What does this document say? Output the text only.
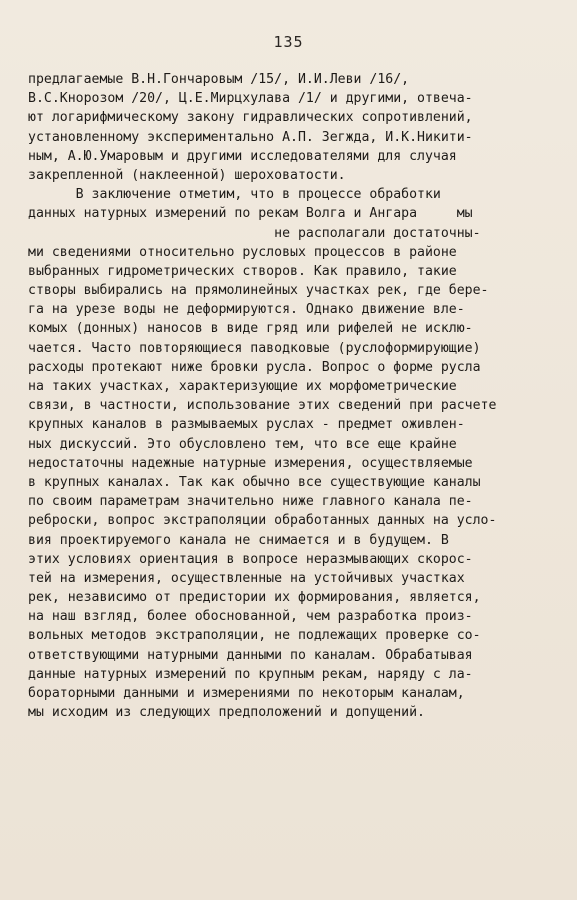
135
предлагаемые В.Н.Гончаровым /15/, И.И.Леви /16/,
В.С.Кнорозом /20/, Ц.Е.Мирцхулава /1/ и другими, отвеча-
ют логарифмическому закону гидравлических сопротивлений,
установленному экспериментально А.П. Зегжда, И.К.Никити-
ным, А.Ю.Умаровым и другими исследователями для случая
закрепленной (наклеенной) шероховатости.
В заключение отметим, что в процессе обработки
данных натурных измерений по рекам Волга и Ангара     мы
не располагали достаточны-
ми сведениями относительно русловых процессов в районе
выбранных гидрометрических створов. Как правило, такие
створы выбирались на прямолинейных участках рек, где бере-
га на урезе воды не деформируются. Однако движение вле-
комых (донных) наносов в виде гряд или рифелей не исклю-
чается. Часто повторяющиеся паводковые (руслоформирующие)
расходы протекают ниже бровки русла. Вопрос о форме русла
на таких участках, характеризующие их морфометрические
связи, в частности, использование этих сведений при расчете
крупных каналов в размываемых руслах - предмет оживлен-
ных дискуссий. Это обусловлено тем, что все еще крайне
недостаточны надежные натурные измерения, осуществляемые
в крупных каналах. Так как обычно все существующие каналы
по своим параметрам значительно ниже главного канала пе-
реброски, вопрос экстраполяции обработанных данных на усло-
вия проектируемого канала не снимается и в будущем. В
этих условиях ориентация в вопросе неразмывающих скорос-
тей на измерения, осуществленные на устойчивых участках
рек, независимо от предистории их формирования, является,
на наш взгляд, более обоснованной, чем разработка произ-
вольных методов экстраполяции, не подлежащих проверке со-
ответствующими натурными данными по каналам. Обрабатывая
данные натурных измерений по крупным рекам, наряду с ла-
бораторными данными и измерениями по некоторым каналам,
мы исходим из следующих предположений и допущений.
